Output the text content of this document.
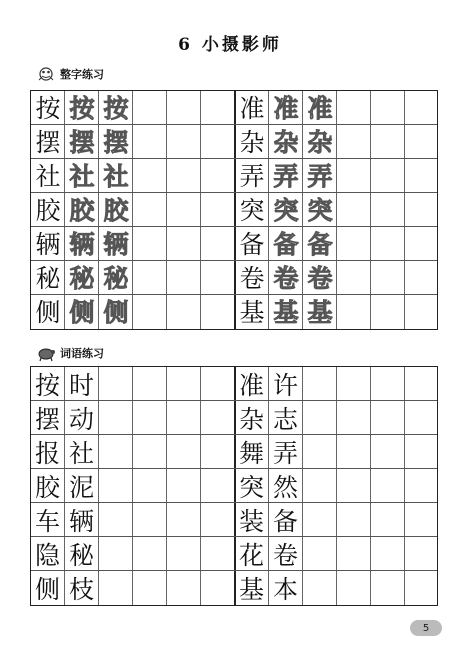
6 小摄影师
整字练习
按 按 按
摆 摆 摆
社 社 社
胶 胶 胶
辆 辆 辆
秘 秘 秘
侧 侧 侧
准 准 准
杂 杂 杂
弄 弄 弄
突 突 突
备 备 备
卷 卷 卷
基 基 基
词语练习
按时
摆动
报社
胶泥
车辆
隐秘
侧枝
准许
杂志
舞弄
突然
装备
花卷
基本
5
